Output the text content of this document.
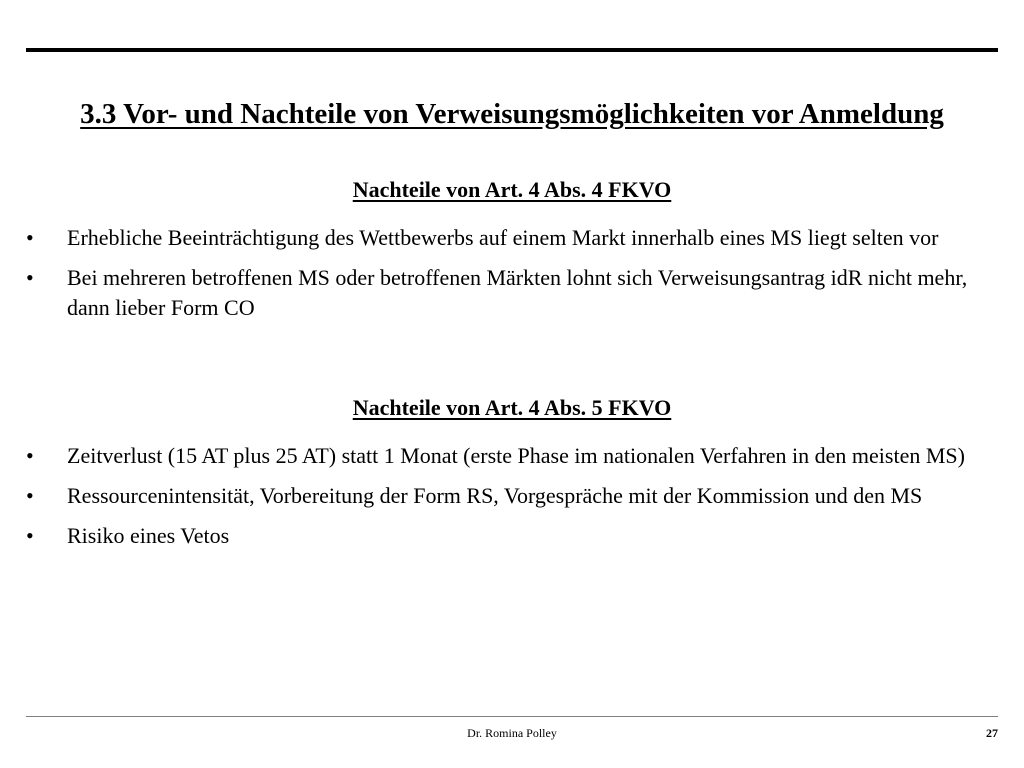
3.3 Vor- und Nachteile von Verweisungsmöglichkeiten vor Anmeldung
Nachteile von Art. 4 Abs. 4 FKVO
•	Erhebliche Beeinträchtigung des Wettbewerbs auf einem Markt innerhalb eines MS liegt selten vor
•	Bei mehreren betroffenen MS oder betroffenen Märkten lohnt sich Verweisungsantrag idR nicht mehr, dann lieber Form CO
Nachteile von Art. 4 Abs. 5 FKVO
•	Zeitverlust (15 AT plus 25 AT) statt 1 Monat (erste Phase im nationalen Verfahren in den meisten MS)
•	Ressourcenintensität, Vorbereitung der Form RS, Vorgespräche mit der Kommission und den MS
•	Risiko eines Vetos
Dr. Romina Polley	27
